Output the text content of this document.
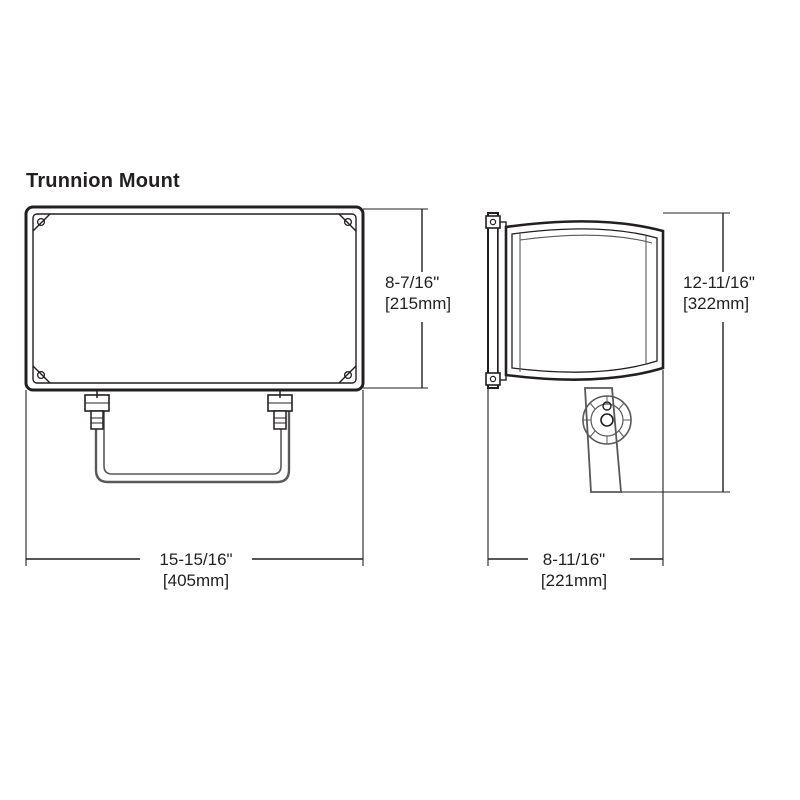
Trunnion Mount
8-7/16"
[215mm]
12-11/16"
[322mm]
15-15/16"
[405mm]
8-11/16"
[221mm]
